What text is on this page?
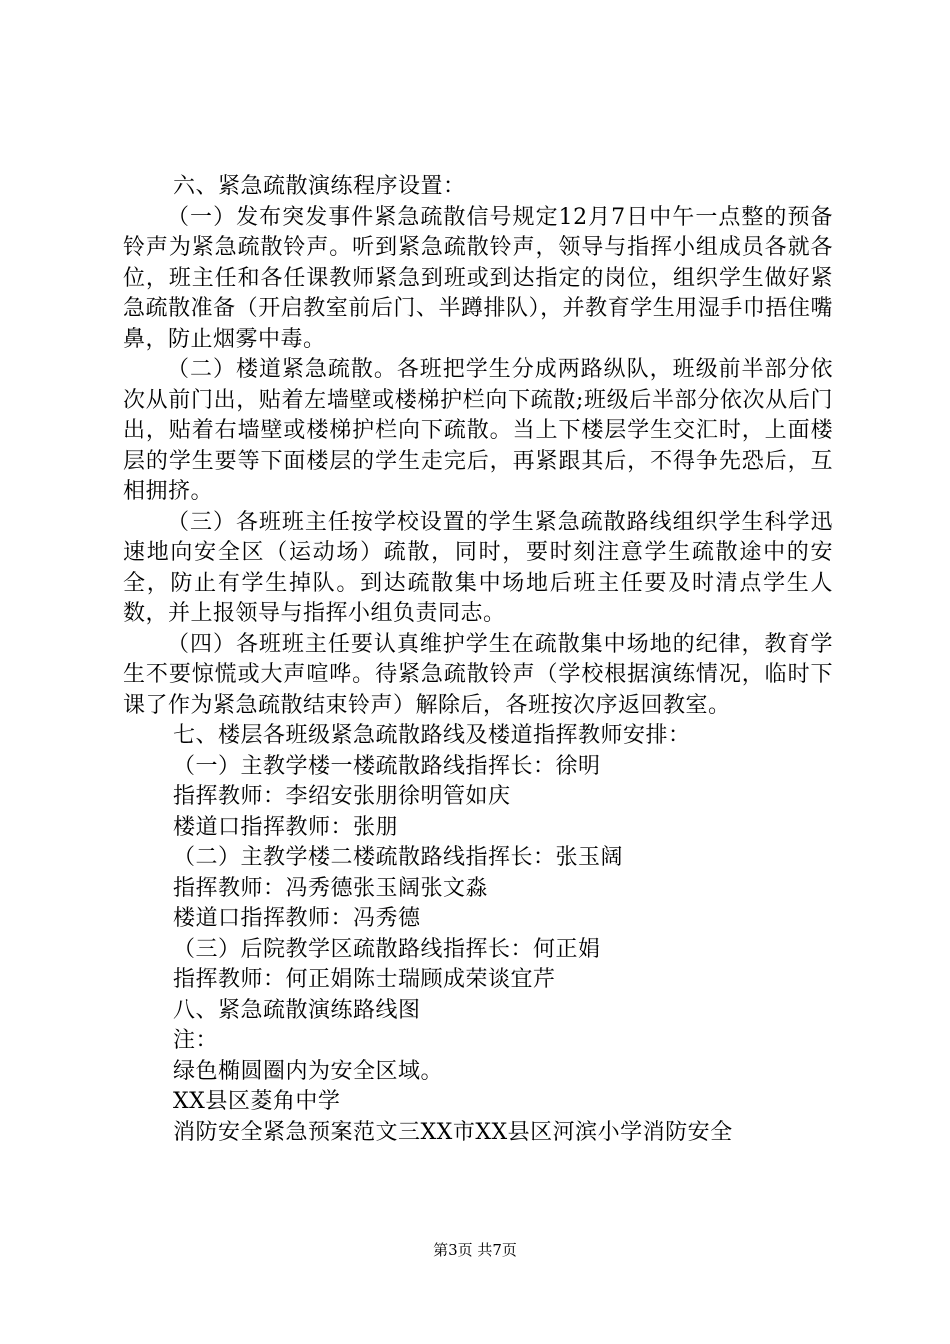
六、紧急疏散演练程序设置：

（一）发布突发事件紧急疏散信号规定12月7日中午一点整的预备铃声为紧急疏散铃声。听到紧急疏散铃声，领导与指挥小组成员各就各位，班主任和各任课教师紧急到班或到达指定的岗位，组织学生做好紧急疏散准备（开启教室前后门、半蹲排队），并教育学生用湿手巾捂住嘴鼻，防止烟雾中毒。

（二）楼道紧急疏散。各班把学生分成两路纵队，班级前半部分依次从前门出，贴着左墙壁或楼梯护栏向下疏散;班级后半部分依次从后门出，贴着右墙壁或楼梯护栏向下疏散。当上下楼层学生交汇时，上面楼层的学生要等下面楼层的学生走完后，再紧跟其后，不得争先恐后，互相拥挤。

（三）各班班主任按学校设置的学生紧急疏散路线组织学生科学迅速地向安全区（运动场）疏散，同时，要时刻注意学生疏散途中的安全，防止有学生掉队。到达疏散集中场地后班主任要及时清点学生人数，并上报领导与指挥小组负责同志。

（四）各班班主任要认真维护学生在疏散集中场地的纪律，教育学生不要惊慌或大声喧哗。待紧急疏散铃声（学校根据演练情况，临时下课了作为紧急疏散结束铃声）解除后，各班按次序返回教室。

七、楼层各班级紧急疏散路线及楼道指挥教师安排：

（一）主教学楼一楼疏散路线指挥长：徐明

指挥教师：李绍安张朋徐明管如庆

楼道口指挥教师：张朋

（二）主教学楼二楼疏散路线指挥长：张玉阔

指挥教师：冯秀德张玉阔张文淼

楼道口指挥教师：冯秀德

（三）后院教学区疏散路线指挥长：何正娟

指挥教师：何正娟陈士瑞顾成荣谈宜芹

八、紧急疏散演练路线图

注：

绿色椭圆圈内为安全区域。

XX县区菱角中学

消防安全紧急预案范文三XX市XX县区河滨小学消防安全

第3页 共7页
